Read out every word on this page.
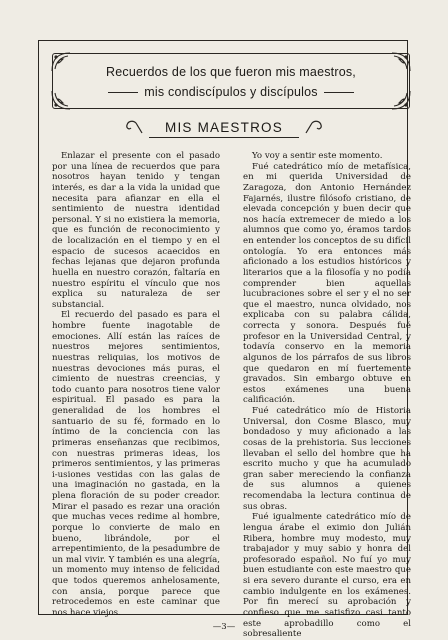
Recuerdos de los que fueron mis maestros,
mis condiscípulos y discípulos
MIS MAESTROS

Enlazar el presente con el pasado por una línea de recuerdos que para nosotros hayan tenido y tengan interés, es dar a la vida la unidad que necesita para afianzar en ella el sentimiento de nuestra identidad personal. Y si no existiera la memoria, que es función de reconocimiento y de localización en el tiempo y en el espacio de sucesos acaecidos en fechas lejanas que dejaron profunda huella en nuestro corazón, faltaría en nuestro espíritu el vínculo que nos explica su naturaleza de ser substancial.

El recuerdo del pasado es para el hombre fuente inagotable de emociones. Allí están las raíces de nuestros mejores sentimientos, nuestras reliquias, los motivos de nuestras devociones más puras, el cimiento de nuestras creencias, y todo cuanto para nosotros tiene valor espiritual. El pasado es para la generalidad de los hombres el santuario de su fé, formado en lo íntimo de la conciencia con las primeras enseñanzas que recibimos, con nuestras primeras ideas, los primeros sentimientos, y las primeras i-usiones vestidas con las galas de una imaginación no gastada, en la plena floración de su poder creador. Mirar el pasado es rezar una oración que muchas veces redime al hombre, porque lo convierte de malo en bueno, librándole, por el arrepentimiento, de la pesadumbre de un mal vivir. Y también es una alegría, un momento muy intenso de felicidad que todos queremos anhelosamente, con ansia, porque parece que retrocedemos en este caminar que nos hace viejos.

Yo voy a sentir este momento.

Fué catedrático mío de metafísica, en mi querida Universidad de Zaragoza, don Antonio Hernández Fajarnés, ilustre filósofo cristiano, de elevada concepción y buen decir que nos hacía extremecer de miedo a los alumnos que como yo, éramos tardos en entender los conceptos de su difícil ontología. Yo era entonces más aficionado a los estudios históricos y literarios que a la filosofía y no podía comprender bien aquellas lucubraciones sobre el ser y el no ser que el maestro, nunca olvidado, nos explicaba con su palabra cálida, correcta y sonora. Después fué profesor en la Universidad Central, y todavía conservo en la memoria algunos de los párrafos de sus libros que quedaron en mí fuertemente gravados. Sin embargo obtuve en estos exámenes una buena calificación.

Fué catedrático mío de Historia Universal, don Cosme Blasco, muy bondadoso y muy aficionado a las cosas de la prehistoria. Sus lecciones llevaban el sello del hombre que ha escrito mucho y que ha acumulado gran saber mereciendo la confianza de sus alumnos a quienes recomendaba la lectura continua de sus obras.

Fué igualmente catedrático mío de lengua árabe el eximio don Julián Ribera, hombre muy modesto, muy trabajador y muy sabio y honra del profesorado español. No fuí yo muy buen estudiante con este maestro que si era severo durante el curso, era en cambio indulgente en los exámenes. Por fin merecí su aprobación y confieso que me satisfizo casi tanto este aprobadillo como el sobresaliente

—3—
